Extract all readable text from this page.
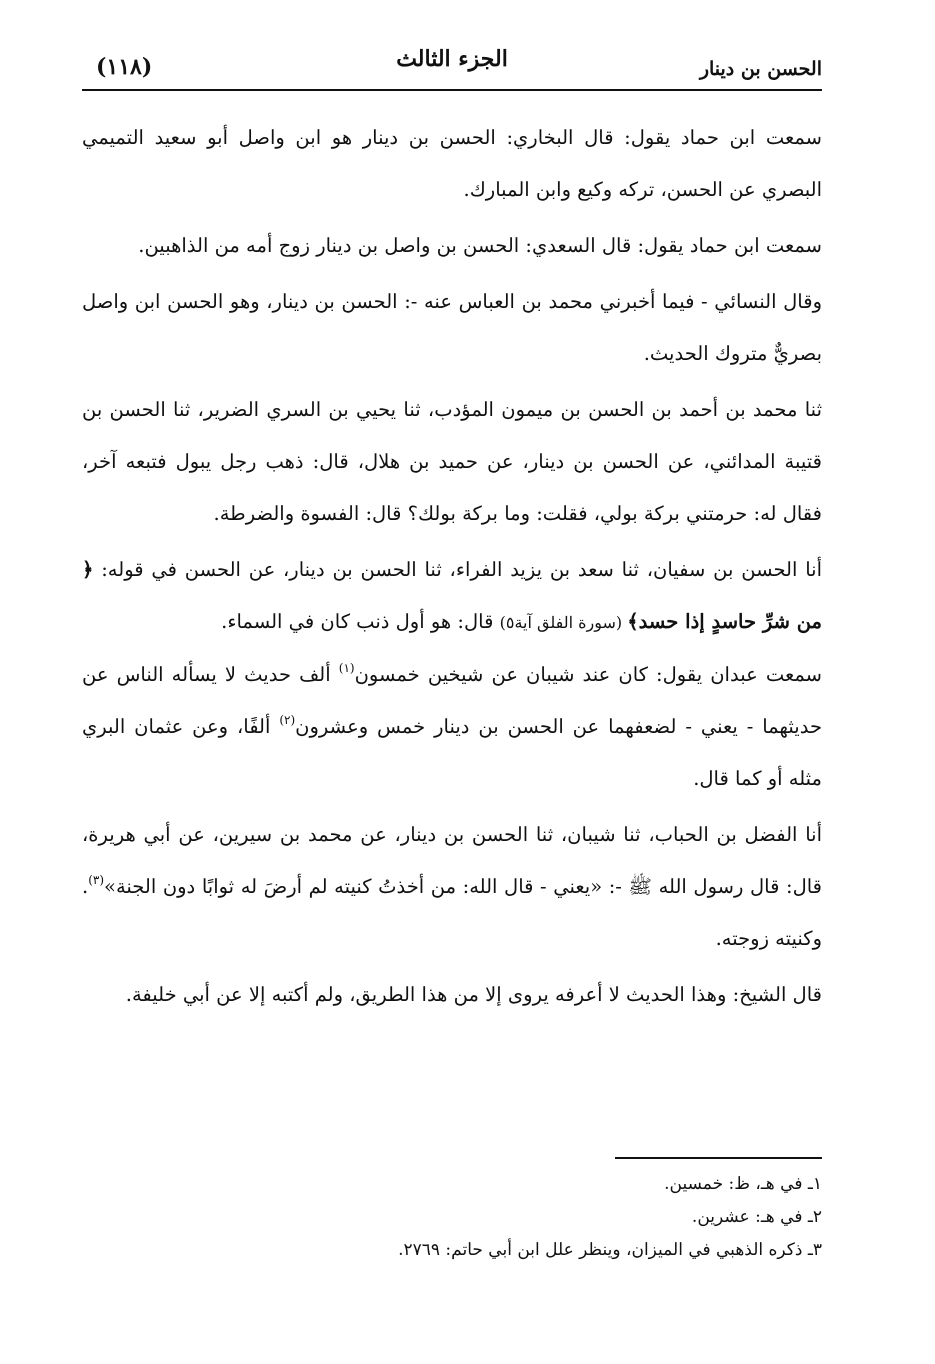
الحسن بن دينار
الجزء الثالث
(١١٨)

سمعت ابن حماد يقول: قال البخاري: الحسن بن دينار هو ابن واصل أبو سعيد التميمي البصري عن الحسن، تركه وكيع وابن المبارك.

سمعت ابن حماد يقول: قال السعدي: الحسن بن واصل بن دينار زوج أمه من الذاهبين.

وقال النسائي - فيما أخبرني محمد بن العباس عنه -: الحسن بن دينار، وهو الحسن ابن واصل بصريٌّ متروك الحديث.

ثنا محمد بن أحمد بن الحسن بن ميمون المؤدب، ثنا يحيي بن السري الضرير، ثنا الحسن بن قتيبة المدائني، عن الحسن بن دينار، عن حميد بن هلال، قال: ذهب رجل يبول فتبعه آخر، فقال له: حرمتني بركة بولي، فقلت: وما بركة بولك؟ قال: الفسوة والضرطة.

أنا الحسن بن سفيان، ثنا سعد بن يزيد الفراء، ثنا الحسن بن دينار، عن الحسن في قوله: ﴿ من شرِّ حاسدٍ إذا حسد﴾ (سورة الفلق آية٥) قال: هو أول ذنب كان في السماء.

سمعت عبدان يقول: كان عند شيبان عن شيخين خمسون$^{(١)}$ ألف حديث لا يسأله الناس عن حديثهما - يعني - لضعفهما عن الحسن بن دينار خمس وعشرون$^{(٢)}$ ألفًا، وعن عثمان البري مثله أو كما قال.

أنا الفضل بن الحباب، ثنا شيبان، ثنا الحسن بن دينار، عن محمد بن سيرين، عن أبي هريرة، قال: قال رسول الله ﷺ -: «يعني - قال الله: من أخذتُ كنيته لم أرضَ له ثوابًا دون الجنة»$^{(٣)}$. وكنيته زوجته.

قال الشيخ: وهذا الحديث لا أعرفه يروى إلا من هذا الطريق، ولم أكتبه إلا عن أبي خليفة.

١ـ في هـ، ظ: خمسين.
٢ـ في هـ: عشرين.
٣ـ ذكره الذهبي في الميزان، وينظر علل ابن أبي حاتم: ٢٧٦٩.
